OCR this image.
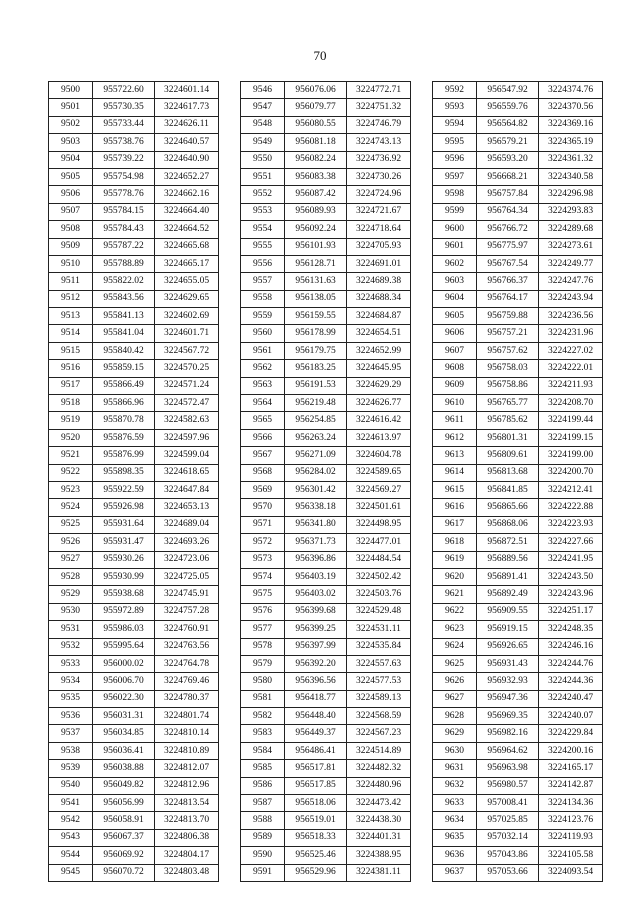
70
9500	955722.60	3224601.14
9501	955730.35	3224617.73
9502	955733.44	3224626.11
9503	955738.76	3224640.57
9504	955739.22	3224640.90
9505	955754.98	3224652.27
9506	955778.76	3224662.16
9507	955784.15	3224664.40
9508	955784.43	3224664.52
9509	955787.22	3224665.68
9510	955788.89	3224665.17
9511	955822.02	3224655.05
9512	955843.56	3224629.65
9513	955841.13	3224602.69
9514	955841.04	3224601.71
9515	955840.42	3224567.72
9516	955859.15	3224570.25
9517	955866.49	3224571.24
9518	955866.96	3224572.47
9519	955870.78	3224582.63
9520	955876.59	3224597.96
9521	955876.99	3224599.04
9522	955898.35	3224618.65
9523	955922.59	3224647.84
9524	955926.98	3224653.13
9525	955931.64	3224689.04
9526	955931.47	3224693.26
9527	955930.26	3224723.06
9528	955930.99	3224725.05
9529	955938.68	3224745.91
9530	955972.89	3224757.28
9531	955986.03	3224760.91
9532	955995.64	3224763.56
9533	956000.02	3224764.78
9534	956006.70	3224769.46
9535	956022.30	3224780.37
9536	956031.31	3224801.74
9537	956034.85	3224810.14
9538	956036.41	3224810.89
9539	956038.88	3224812.07
9540	956049.82	3224812.96
9541	956056.99	3224813.54
9542	956058.91	3224813.70
9543	956067.37	3224806.38
9544	956069.92	3224804.17
9545	956070.72	3224803.48
9546	956076.06	3224772.71
9547	956079.77	3224751.32
9548	956080.55	3224746.79
9549	956081.18	3224743.13
9550	956082.24	3224736.92
9551	956083.38	3224730.26
9552	956087.42	3224724.96
9553	956089.93	3224721.67
9554	956092.24	3224718.64
9555	956101.93	3224705.93
9556	956128.71	3224691.01
9557	956131.63	3224689.38
9558	956138.05	3224688.34
9559	956159.55	3224684.87
9560	956178.99	3224654.51
9561	956179.75	3224652.99
9562	956183.25	3224645.95
9563	956191.53	3224629.29
9564	956219.48	3224626.77
9565	956254.85	3224616.42
9566	956263.24	3224613.97
9567	956271.09	3224604.78
9568	956284.02	3224589.65
9569	956301.42	3224569.27
9570	956338.18	3224501.61
9571	956341.80	3224498.95
9572	956371.73	3224477.01
9573	956396.86	3224484.54
9574	956403.19	3224502.42
9575	956403.02	3224503.76
9576	956399.68	3224529.48
9577	956399.25	3224531.11
9578	956397.99	3224535.84
9579	956392.20	3224557.63
9580	956396.56	3224577.53
9581	956418.77	3224589.13
9582	956448.40	3224568.59
9583	956449.37	3224567.23
9584	956486.41	3224514.89
9585	956517.81	3224482.32
9586	956517.85	3224480.96
9587	956518.06	3224473.42
9588	956519.01	3224438.30
9589	956518.33	3224401.31
9590	956525.46	3224388.95
9591	956529.96	3224381.11
9592	956547.92	3224374.76
9593	956559.76	3224370.56
9594	956564.82	3224369.16
9595	956579.21	3224365.19
9596	956593.20	3224361.32
9597	956668.21	3224340.58
9598	956757.84	3224296.98
9599	956764.34	3224293.83
9600	956766.72	3224289.68
9601	956775.97	3224273.61
9602	956767.54	3224249.77
9603	956766.37	3224247.76
9604	956764.17	3224243.94
9605	956759.88	3224236.56
9606	956757.21	3224231.96
9607	956757.62	3224227.02
9608	956758.03	3224222.01
9609	956758.86	3224211.93
9610	956765.77	3224208.70
9611	956785.62	3224199.44
9612	956801.31	3224199.15
9613	956809.61	3224199.00
9614	956813.68	3224200.70
9615	956841.85	3224212.41
9616	956865.66	3224222.88
9617	956868.06	3224223.93
9618	956872.51	3224227.66
9619	956889.56	3224241.95
9620	956891.41	3224243.50
9621	956892.49	3224243.96
9622	956909.55	3224251.17
9623	956919.15	3224248.35
9624	956926.65	3224246.16
9625	956931.43	3224244.76
9626	956932.93	3224244.36
9627	956947.36	3224240.47
9628	956969.35	3224240.07
9629	956982.16	3224229.84
9630	956964.62	3224200.16
9631	956963.98	3224165.17
9632	956980.57	3224142.87
9633	957008.41	3224134.36
9634	957025.85	3224123.76
9635	957032.14	3224119.93
9636	957043.86	3224105.58
9637	957053.66	3224093.54
